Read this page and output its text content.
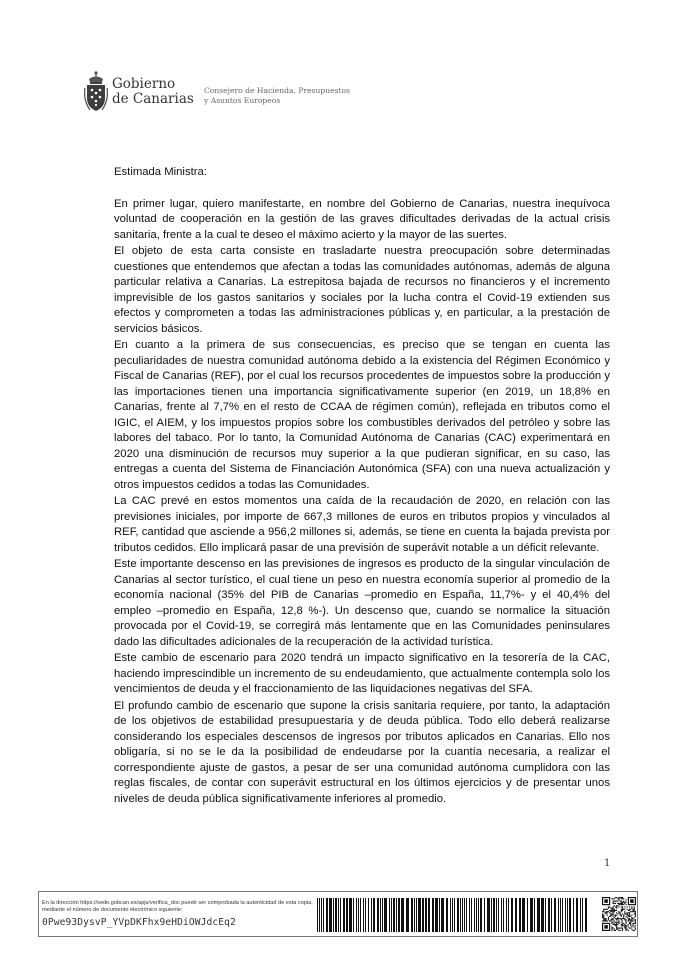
Gobierno
de Canarias
Consejero de Hacienda, Presupuestos
y Asuntos Europeos

Estimada Ministra:

En primer lugar, quiero manifestarte, en nombre del Gobierno de Canarias, nuestra inequívoca voluntad de cooperación en la gestión de las graves dificultades derivadas de la actual crisis sanitaria, frente a la cual te deseo el máximo acierto y la mayor de las suertes.

El objeto de esta carta consiste en trasladarte nuestra preocupación sobre determinadas cuestiones que entendemos que afectan a todas las comunidades autónomas, además de alguna particular relativa a Canarias. La estrepitosa bajada de recursos no financieros y el incremento imprevisible de los gastos sanitarios y sociales por la lucha contra el Covid-19 extienden sus efectos y comprometen a todas las administraciones públicas y, en particular, a la prestación de servicios básicos.

En cuanto a la primera de sus consecuencias, es preciso que se tengan en cuenta las peculiaridades de nuestra comunidad autónoma debido a la existencia del Régimen Económico y Fiscal de Canarias (REF), por el cual los recursos procedentes de impuestos sobre la producción y las importaciones tienen una importancia significativamente superior (en 2019, un 18,8% en Canarias, frente al 7,7% en el resto de CCAA de régimen común), reflejada en tributos como el IGIC, el AIEM, y los impuestos propios sobre los combustibles derivados del petróleo y sobre las labores del tabaco. Por lo tanto, la Comunidad Autónoma de Canarias (CAC) experimentará en 2020 una disminución de recursos muy superior a la que pudieran significar, en su caso, las entregas a cuenta del Sistema de Financiación Autonómica (SFA) con una nueva actualización y otros impuestos cedidos a todas las Comunidades.

La CAC prevé en estos momentos una caída de la recaudación de 2020, en relación con las previsiones iniciales, por importe de 667,3 millones de euros en tributos propios y vinculados al REF, cantidad que asciende a 956,2 millones si, además, se tiene en cuenta la bajada prevista por tributos cedidos. Ello implicará pasar de una previsión de superávit notable a un déficit relevante.

Este importante descenso en las previsiones de ingresos es producto de la singular vinculación de Canarias al sector turístico, el cual tiene un peso en nuestra economía superior al promedio de la economía nacional (35% del PIB de Canarias –promedio en España, 11,7%- y el 40,4% del empleo –promedio en España, 12,8 %-). Un descenso que, cuando se normalice la situación provocada por el Covid-19, se corregirá más lentamente que en las Comunidades peninsulares dado las dificultades adicionales de la recuperación de la actividad turística.

Este cambio de escenario para 2020 tendrá un impacto significativo en la tesorería de la CAC, haciendo imprescindible un incremento de su endeudamiento, que actualmente contempla solo los vencimientos de deuda y el fraccionamiento de las liquidaciones negativas del SFA.

El profundo cambio de escenario que supone la crisis sanitaria requiere, por tanto, la adaptación de los objetivos de estabilidad presupuestaria y de deuda pública. Todo ello deberá realizarse considerando los especiales descensos de ingresos por tributos aplicados en Canarias. Ello nos obligaría, si no se le da la posibilidad de endeudarse por la cuantía necesaria, a realizar el correspondiente ajuste de gastos, a pesar de ser una comunidad autónoma cumplidora con las reglas fiscales, de contar con superávit estructural en los últimos ejercicios y de presentar unos niveles de deuda pública significativamente inferiores al promedio.

1
En la dirección https://sede.gobcan.es/apjs/verifica_doc puede ser comprobada la autenticidad de esta copia, mediante el número de documento electrónico siguiente:
0Pwe93DysvP_YVpDKFhx9eHDiOWJdcEq2
